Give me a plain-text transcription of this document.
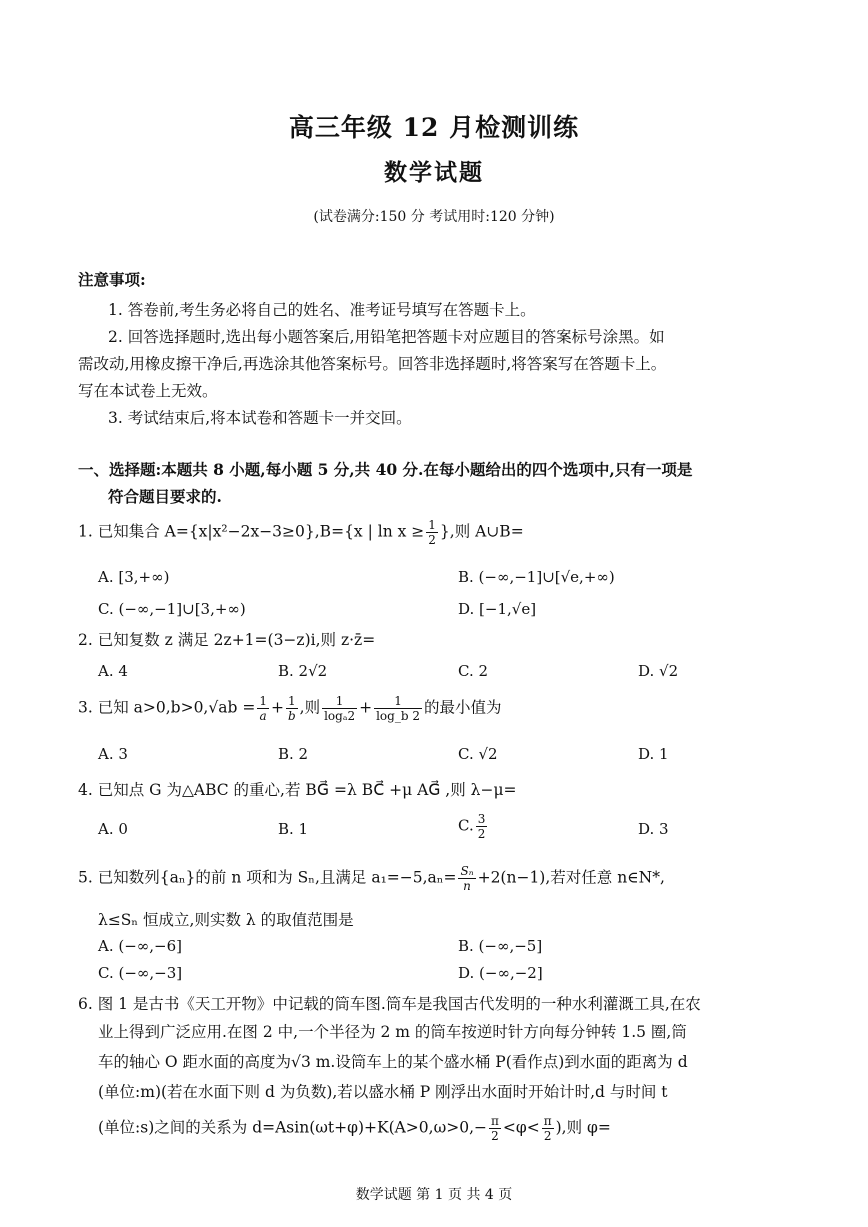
高三年级 12 月检测训练
数学试题
(试卷满分:150 分 考试用时:120 分钟)
注意事项:
1. 答卷前,考生务必将自己的姓名、准考证号填写在答题卡上。
2. 回答选择题时,选出每小题答案后,用铅笔把答题卡对应题目的答案标号涂黑。如
需改动,用橡皮擦干净后,再选涂其他答案标号。回答非选择题时,将答案写在答题卡上。
写在本试卷上无效。
3. 考试结束后,将本试卷和答题卡一并交回。
一、选择题:本题共 8 小题,每小题 5 分,共 40 分.在每小题给出的四个选项中,只有一项是
符合题目要求的.
1. 已知集合 A={x|x²−2x−3≥0},B={x | $\ln x \ge \frac{1}{2}$ },则 A∪B=
A. [3,+∞)	B. (−∞,−1]∪[√e,+∞)
C. (−∞,−1]∪[3,+∞)	D. [−1,√e]
2. 已知复数 z 满足 2z+1=(3−z)i,则 z·z̄=
A. 4	B. 2√2	C. 2	D. √2
3. 已知 $a>0,b>0,√ab = \frac{1}{a} + \frac{1}{b}$ ,则 $\frac{1}{\text{logₐ2}} + \frac{1}{\log\_b 2}$ 的最小值为
A. 3	B. 2	C. √2	D. 1
4. 已知点 G 为△ABC 的重心,若 BG⃗ =λ BC⃗ +μ AG⃗ ,则 λ−μ=
A. 0	B. 1	C. $\frac{3}{2}$	D. 3
5. 已知数列{aₙ}的前 n 项和为 Sₙ,且满足 $a_1=-5,a_n= \frac{\text{Sₙ}}{n} +2(n-1)$,若对任意 n∈N*,
λ≤Sₙ 恒成立,则实数 λ 的取值范围是
A. (−∞,−6]	B. (−∞,−5]
C. (−∞,−3]	D. (−∞,−2]
6. 图 1 是古书《天工开物》中记载的筒车图.筒车是我国古代发明的一种水利灌溉工具,在农
业上得到广泛应用.在图 2 中,一个半径为 2 m 的筒车按逆时针方向每分钟转 1.5 圈,筒
车的轴心 O 距水面的高度为√3 m.设筒车上的某个盛水桶 P(看作点)到水面的距离为 d
(单位:m)(若在水面下则 d 为负数),若以盛水桶 P 刚浮出水面时开始计时,d 与时间 t
(单位:s)之间的关系为 $d=Asin(\omega t+\varphi)+K(A>0,\omega>0,- \frac{\pi}{2} <\varphi< \frac{\pi}{2}$ ),则 φ=
数学试题 第 1 页 共 4 页
